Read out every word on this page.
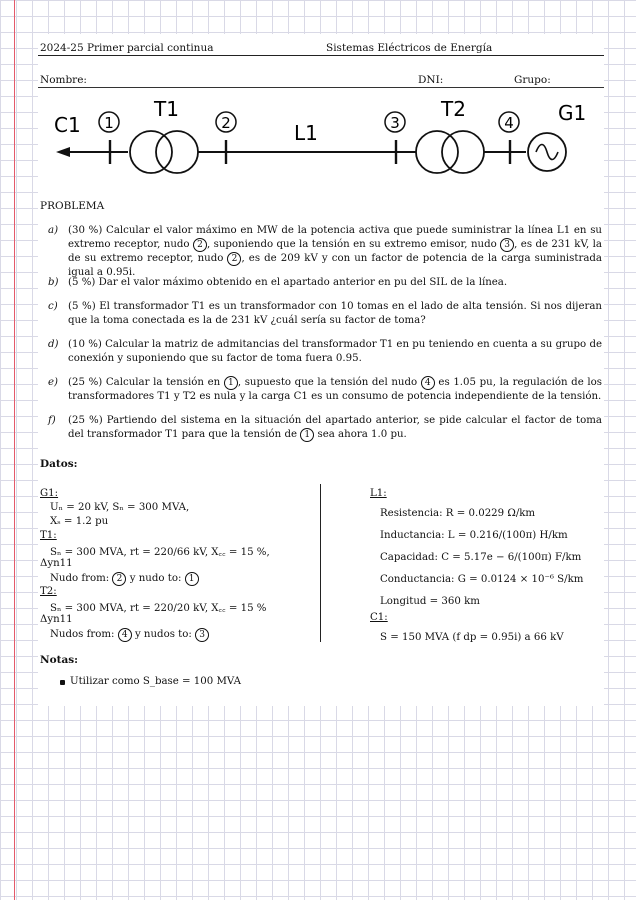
2024-25 Primer parcial continua	Sistemas Eléctricos de Energía
Nombre:	DNI:	Grupo:
C1
T1
L1
T2	G1
1	2	3	4
PROBLEMA
a) (30 %) Calcular el valor máximo en MW de la potencia activa que puede suministrar la línea L1 en su extremo receptor, nudo 2 , suponiendo que la tensión en su extremo emisor, nudo 3 , es de 231 kV, la de su extremo receptor, nudo 2 , es de 209 kV y con un factor de potencia de la carga suministrada igual a 0.95i.
b) (5 %) Dar el valor máximo obtenido en el apartado anterior en pu del SIL de la línea.
c) (5 %) El transformador T1 es un transformador con 10 tomas en el lado de alta tensión. Si nos dijeran que la toma conectada es la de 231 kV ¿cuál sería su factor de toma?
d) (10 %) Calcular la matriz de admitancias del transformador T1 en pu teniendo en cuenta a su grupo de conexión y suponiendo que su factor de toma fuera 0.95.
e) (25 %) Calcular la tensión en 1 , supuesto que la tensión del nudo 4 es 1.05 pu, la regulación de los transformadores T1 y T2 es nula y la carga C1 es un consumo de potencia independiente de la tensión.
f) (25 %) Partiendo del sistema en la situación del apartado anterior, se pide calcular el factor de toma del transformador T1 para que la tensión de 1 sea ahora 1.0 pu.
Datos:
G1:
Uₙ = 20 kV, Sₙ = 300 MVA,
Xₛ = 1.2 pu
T1:
Sₙ = 300 MVA, rt = 220/66 kV, X꜀꜀ = 15 %,
Δyn11
Nudo from: 2 y nudo to: 1
T2:
Sₙ = 300 MVA, rt = 220/20 kV, X꜀꜀ = 15 %
Δyn11
Nudos from: 4 y nudos to: 3
L1:
Resistencia: R = 0.0229 Ω/km
Inductancia: L = 0.216/(100π) H/km
Capacidad: C = 5.17e − 6/(100π) F/km
Conductancia: G = 0.0124 × 10⁻⁶ S/km
Longitud = 360 km
C1:
S = 150 MVA (f dp = 0.95i) a 66 kV
Notas:
Utilizar como S_base = 100 MVA
